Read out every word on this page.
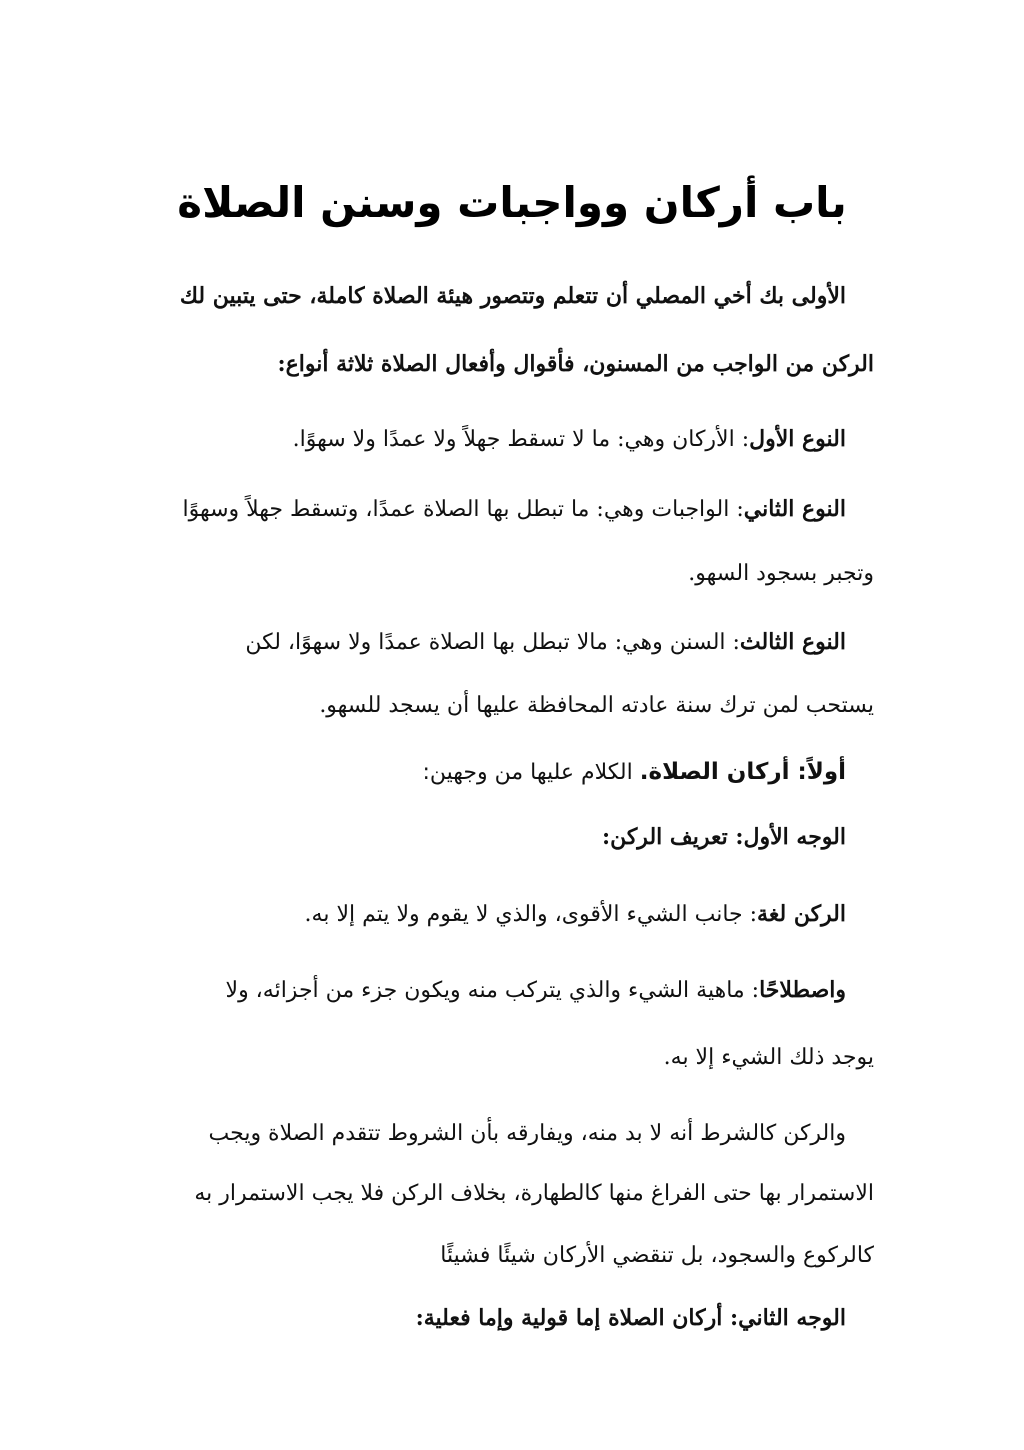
باب أركان وواجبات وسنن الصلاة
الأولى بك أخي المصلي أن تتعلم وتتصور هيئة الصلاة كاملة، حتى يتبين لك
الركن من الواجب من المسنون، فأقوال وأفعال الصلاة ثلاثة أنواع:
النوع الأول: الأركان وهي: ما لا تسقط جهلاً ولا عمدًا ولا سهوًا.
النوع الثاني: الواجبات وهي: ما تبطل بها الصلاة عمدًا، وتسقط جهلاً وسهوًا
وتجبر بسجود السهو.
النوع الثالث: السنن وهي: مالا تبطل بها الصلاة عمدًا ولا سهوًا، لكن
يستحب لمن ترك سنة عادته المحافظة عليها أن يسجد للسهو.
أولاً: أركان الصلاة. الكلام عليها من وجهين:
الوجه الأول: تعريف الركن:
الركن لغة: جانب الشيء الأقوى، والذي لا يقوم ولا يتم إلا به.
واصطلاحًا: ماهية الشيء والذي يتركب منه ويكون جزء من أجزائه، ولا
يوجد ذلك الشيء إلا به.
والركن كالشرط أنه لا بد منه، ويفارقه بأن الشروط تتقدم الصلاة ويجب
الاستمرار بها حتى الفراغ منها كالطهارة، بخلاف الركن فلا يجب الاستمرار به
كالركوع والسجود، بل تنقضي الأركان شيئًا فشيئًا
الوجه الثاني: أركان الصلاة إما قولية وإما فعلية:
